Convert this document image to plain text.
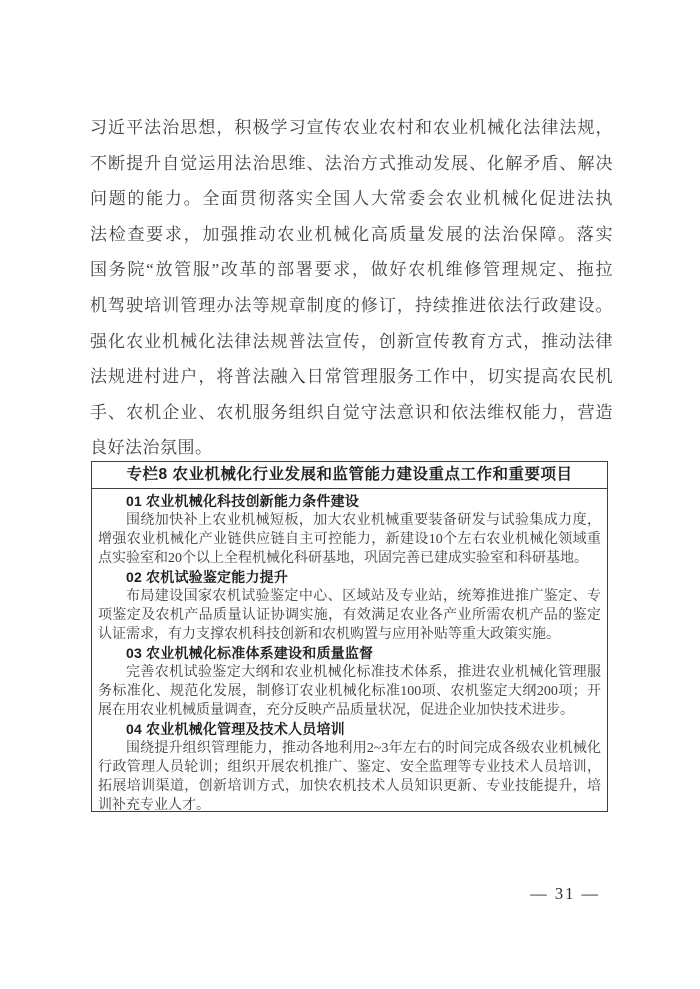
习近平法治思想，积极学习宣传农业农村和农业机械化法律法规，
不断提升自觉运用法治思维、法治方式推动发展、化解矛盾、解决
问题的能力。全面贯彻落实全国人大常委会农业机械化促进法执
法检查要求，加强推动农业机械化高质量发展的法治保障。落实
国务院“放管服”改革的部署要求，做好农机维修管理规定、拖拉
机驾驶培训管理办法等规章制度的修订，持续推进依法行政建设。
强化农业机械化法律法规普法宣传，创新宣传教育方式，推动法律
法规进村进户，将普法融入日常管理服务工作中，切实提高农民机
手、农机企业、农机服务组织自觉守法意识和依法维权能力，营造
良好法治氛围。
专栏8 农业机械化行业发展和监管能力建设重点工作和重要项目
01 农业机械化科技创新能力条件建设

围绕加快补上农业机械短板，加大农业机械重要装备研发与试验集成力度，增强农业机械化产业链供应链自主可控能力，新建设10个左右农业机械化领域重点实验室和20个以上全程机械化科研基地，巩固完善已建成实验室和科研基地。

02 农机试验鉴定能力提升

布局建设国家农机试验鉴定中心、区域站及专业站，统筹推进推广鉴定、专项鉴定及农机产品质量认证协调实施，有效满足农业各产业所需农机产品的鉴定认证需求，有力支撑农机科技创新和农机购置与应用补贴等重大政策实施。

03 农业机械化标准体系建设和质量监督

完善农机试验鉴定大纲和农业机械化标准技术体系，推进农业机械化管理服务标准化、规范化发展，制修订农业机械化标准100项、农机鉴定大纲200项；开展在用农业机械质量调查，充分反映产品质量状况，促进企业加快技术进步。

04 农业机械化管理及技术人员培训

围绕提升组织管理能力，推动各地利用2~3年左右的时间完成各级农业机械化行政管理人员轮训；组织开展农机推广、鉴定、安全监理等专业技术人员培训，拓展培训渠道，创新培训方式，加快农机技术人员知识更新、专业技能提升，培训补充专业人才。

— 31 —
